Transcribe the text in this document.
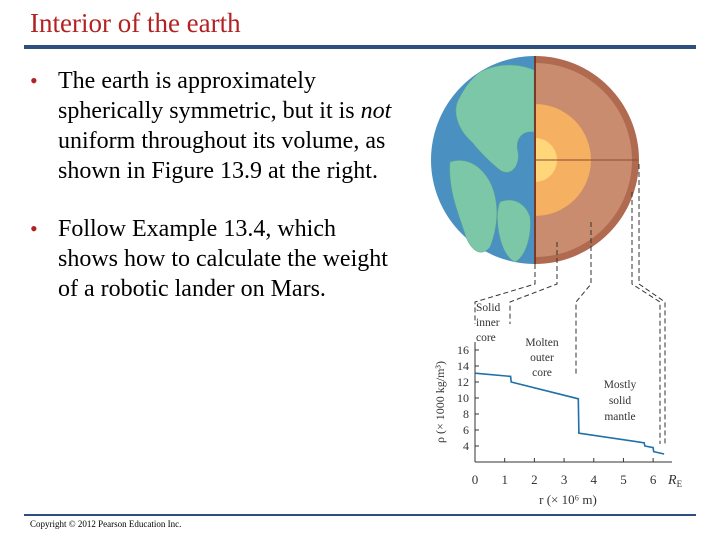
Interior of the earth
• The earth is approximately spherically symmetric, but it is not uniform throughout its volume, as shown in Figure 13.9 at the right.
• Follow Example 13.4, which shows how to calculate the weight of a robotic lander on Mars.
Solid
inner
core	Molten
outer
core
Mostly
solid
mantle
4
6
8
10
12
14
16
0 1 2 3 4 5 6 $R_E$
r (× 10⁶ m)
ρ (× 1000 kg/m³)
Copyright © 2012 Pearson Education Inc.
